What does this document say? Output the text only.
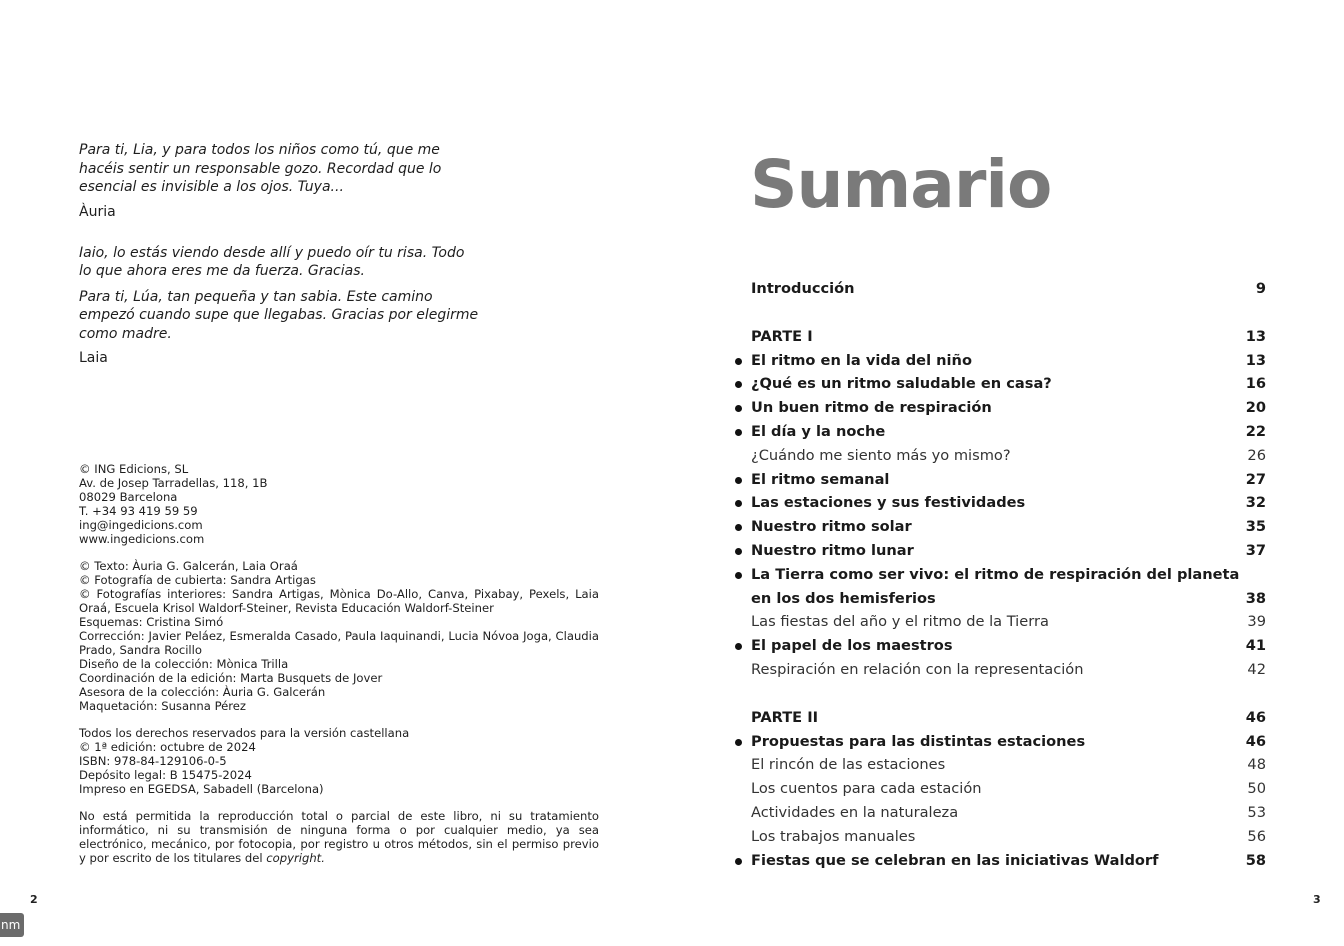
Para ti, Lia, y para todos los niños como tú, que me hacéis sentir un responsable gozo. Recordad que lo esencial es invisible a los ojos. Tuya...

Àuria

Iaio, lo estás viendo desde allí y puedo oír tu risa. Todo lo que ahora eres me da fuerza. Gracias.

Para ti, Lúa, tan pequeña y tan sabia. Este camino empezó cuando supe que llegabas. Gracias por elegirme como madre.

Laia

© ING Edicions, SL
Av. de Josep Tarradellas, 118, 1B
08029 Barcelona
T. +34 93 419 59 59
ing@ingedicions.com
www.ingedicions.com
© Texto: Àuria G. Galcerán, Laia Oraá
© Fotografía de cubierta: Sandra Artigas
© Fotografías interiores: Sandra Artigas, Mònica Do-Allo, Canva, Pixabay, Pexels, Laia Oraá, Escuela Krisol Waldorf-Steiner, Revista Educación Waldorf-Steiner
Esquemas: Cristina Simó
Corrección: Javier Peláez, Esmeralda Casado, Paula Iaquinandi, Lucia Nóvoa Joga, Claudia Prado, Sandra Rocillo
Diseño de la colección: Mònica Trilla
Coordinación de la edición: Marta Busquets de Jover
Asesora de la colección: Àuria G. Galcerán
Maquetación: Susanna Pérez
Todos los derechos reservados para la versión castellana
© 1ª edición: octubre de 2024
ISBN: 978-84-129106-0-5
Depósito legal: B 15475-2024
Impreso en EGEDSA, Sabadell (Barcelona)
No está permitida la reproducción total o parcial de este libro, ni su tratamiento informático, ni su transmisión de ninguna forma o por cualquier medio, ya sea electrónico, mecánico, por fotocopia, por registro u otros métodos, sin el permiso previo y por escrito de los titulares del copyright.
2
nm
Sumario
Introducción	9
PARTE I	13
El ritmo en la vida del niño	13
¿Qué es un ritmo saludable en casa?	16
Un buen ritmo de respiración	20
El día y la noche	22
¿Cuándo me siento más yo mismo?	26
El ritmo semanal	27
Las estaciones y sus festividades	32
Nuestro ritmo solar	35
Nuestro ritmo lunar	37
La Tierra como ser vivo: el ritmo de respiración del planeta
en los dos hemisferios	38
Las fiestas del año y el ritmo de la Tierra	39
El papel de los maestros	41
Respiración en relación con la representación	42
PARTE II	46
Propuestas para las distintas estaciones	46
El rincón de las estaciones	48
Los cuentos para cada estación	50
Actividades en la naturaleza	53
Los trabajos manuales	56
Fiestas que se celebran en las iniciativas Waldorf	58
3
